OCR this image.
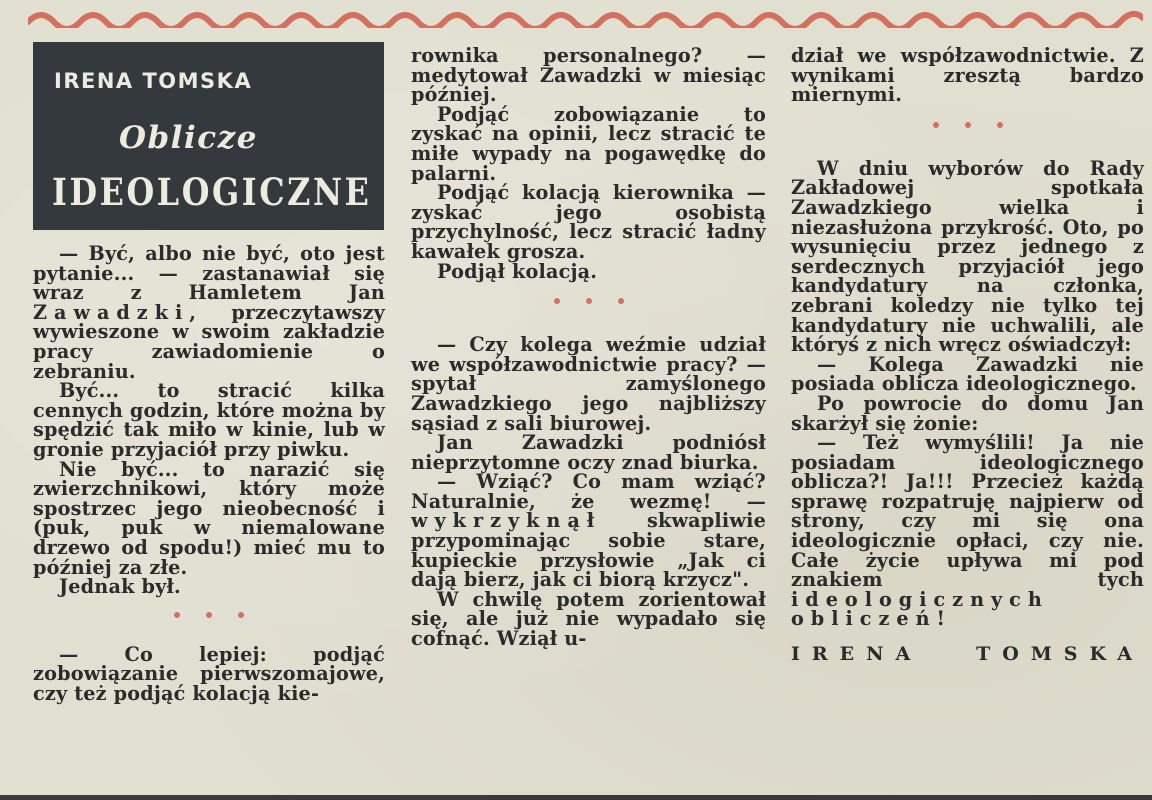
IRENA TOMSKA
Oblicze
IDEOLOGICZNE

— Być, albo nie być, oto jest pytanie... — zastanawiał się wraz z Hamletem Jan Zawadzki, przeczytawszy wywieszone w swoim zakładzie pracy zawiadomienie o zebraniu.

Być... to stracić kilka cennych godzin, które można by spędzić tak miło w kinie, lub w gronie przyjaciół przy piwku.

Nie być... to narazić się zwierzchnikowi, który może spostrzec jego nieobecność i (puk, puk w niemalowane drzewo od spodu!) mieć mu to później za złe.

Jednak był.

— Co lepiej: podjąć zobowiązanie pierwszomajowe, czy też podjąć kolacją kie-

rownika personalnego? — medytował Zawadzki w miesiąc później.

Podjąć zobowiązanie to zyskać na opinii, lecz stracić te miłe wypady na pogawędkę do palarni.

Podjąć kolacją kierownika — zyskać jego osobistą przychylność, lecz stracić ładny kawałek grosza.

Podjął kolacją.

— Czy kolega weźmie udział we współzawodnictwie pracy? — spytał zamyślonego Zawadzkiego jego najbliższy sąsiad z sali biurowej.

Jan Zawadzki podniósł nieprzytomne oczy znad biurka.

— Wziąć? Co mam wziąć? Naturalnie, że wezmę! — wykrzyknął skwapliwie przypominając sobie stare, kupieckie przysłowie „Jak ci dają bierz, jak ci biorą krzycz".

W chwilę potem zorientował się, ale już nie wypadało się cofnąć. Wziął u-

dział we współzawodnictwie. Z wynikami zresztą bardzo miernymi.

W dniu wyborów do Rady Zakładowej spotkała Zawadzkiego wielka i niezasłużona przykrość. Oto, po wysunięciu przez jednego z serdecznych przyjaciół jego kandydatury na członka, zebrani koledzy nie tylko tej kandydatury nie uchwalili, ale któryś z nich wręcz oświadczył:

— Kolega Zawadzki nie posiada oblicza ideologicznego.

Po powrocie do domu Jan skarżył się żonie:

— Też wymyślili! Ja nie posiadam ideologicznego oblicza?! Ja!!! Przecież każdą sprawę rozpatruję najpierw od strony, czy mi się ona ideologicznie opłaci, czy nie. Całe życie upływa mi pod znakiem tych ideologicznych obliczeń!

IRENA	TOMSKA
